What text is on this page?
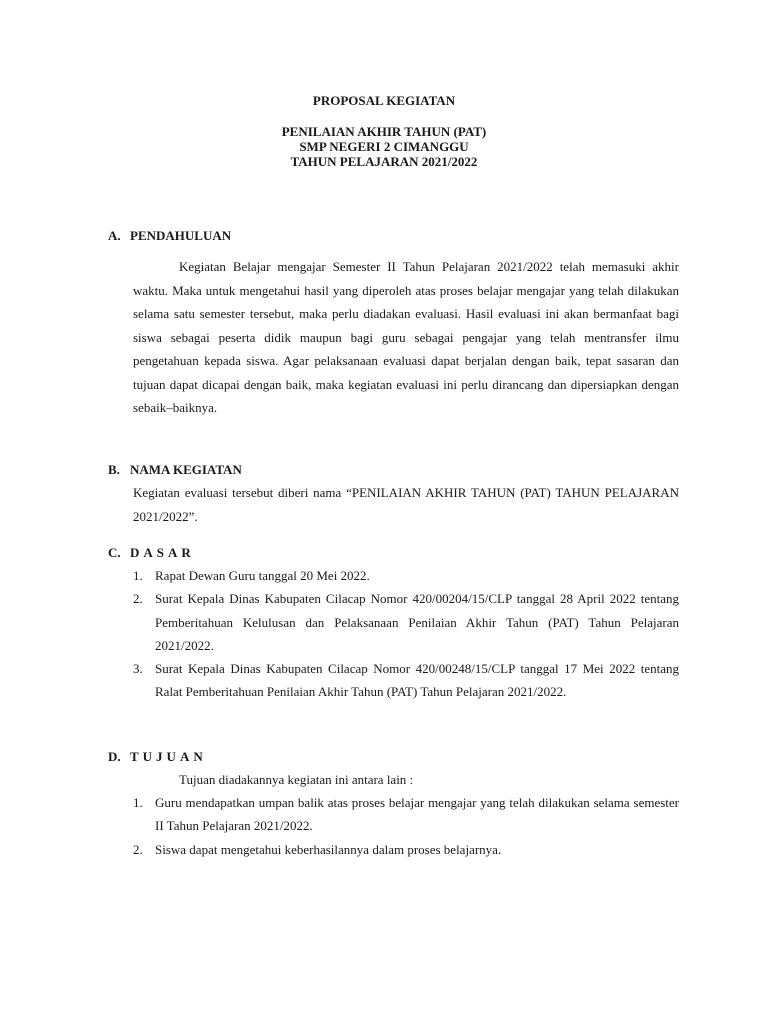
PROPOSAL KEGIATAN
PENILAIAN AKHIR TAHUN (PAT)
SMP NEGERI 2 CIMANGGU
TAHUN PELAJARAN 2021/2022
A. PENDAHULUAN
Kegiatan Belajar mengajar Semester II Tahun Pelajaran 2021/2022 telah memasuki akhir waktu. Maka untuk mengetahui hasil yang diperoleh atas proses belajar mengajar yang telah dilakukan selama satu semester tersebut, maka perlu diadakan evaluasi. Hasil evaluasi ini akan bermanfaat bagi siswa sebagai peserta didik maupun bagi guru sebagai pengajar yang telah mentransfer ilmu pengetahuan kepada siswa. Agar pelaksanaan evaluasi dapat berjalan dengan baik, tepat sasaran dan tujuan dapat dicapai dengan baik, maka kegiatan evaluasi ini perlu dirancang dan dipersiapkan dengan sebaik–baiknya.
B. NAMA KEGIATAN
Kegiatan evaluasi tersebut diberi nama “PENILAIAN AKHIR TAHUN (PAT) TAHUN PELAJARAN 2021/2022”.
C. DASAR
1. Rapat Dewan Guru tanggal 20 Mei 2022.
2. Surat Kepala Dinas Kabupaten Cilacap Nomor 420/00204/15/CLP tanggal 28 April 2022 tentang Pemberitahuan Kelulusan dan Pelaksanaan Penilaian Akhir Tahun (PAT) Tahun Pelajaran 2021/2022.
3. Surat Kepala Dinas Kabupaten Cilacap Nomor 420/00248/15/CLP tanggal 17 Mei 2022 tentang Ralat Pemberitahuan Penilaian Akhir Tahun (PAT) Tahun Pelajaran 2021/2022.
D. TUJUAN
Tujuan diadakannya kegiatan ini antara lain :
1. Guru mendapatkan umpan balik atas proses belajar mengajar yang telah dilakukan selama semester II Tahun Pelajaran 2021/2022.
2. Siswa dapat mengetahui keberhasilannya dalam proses belajarnya.
